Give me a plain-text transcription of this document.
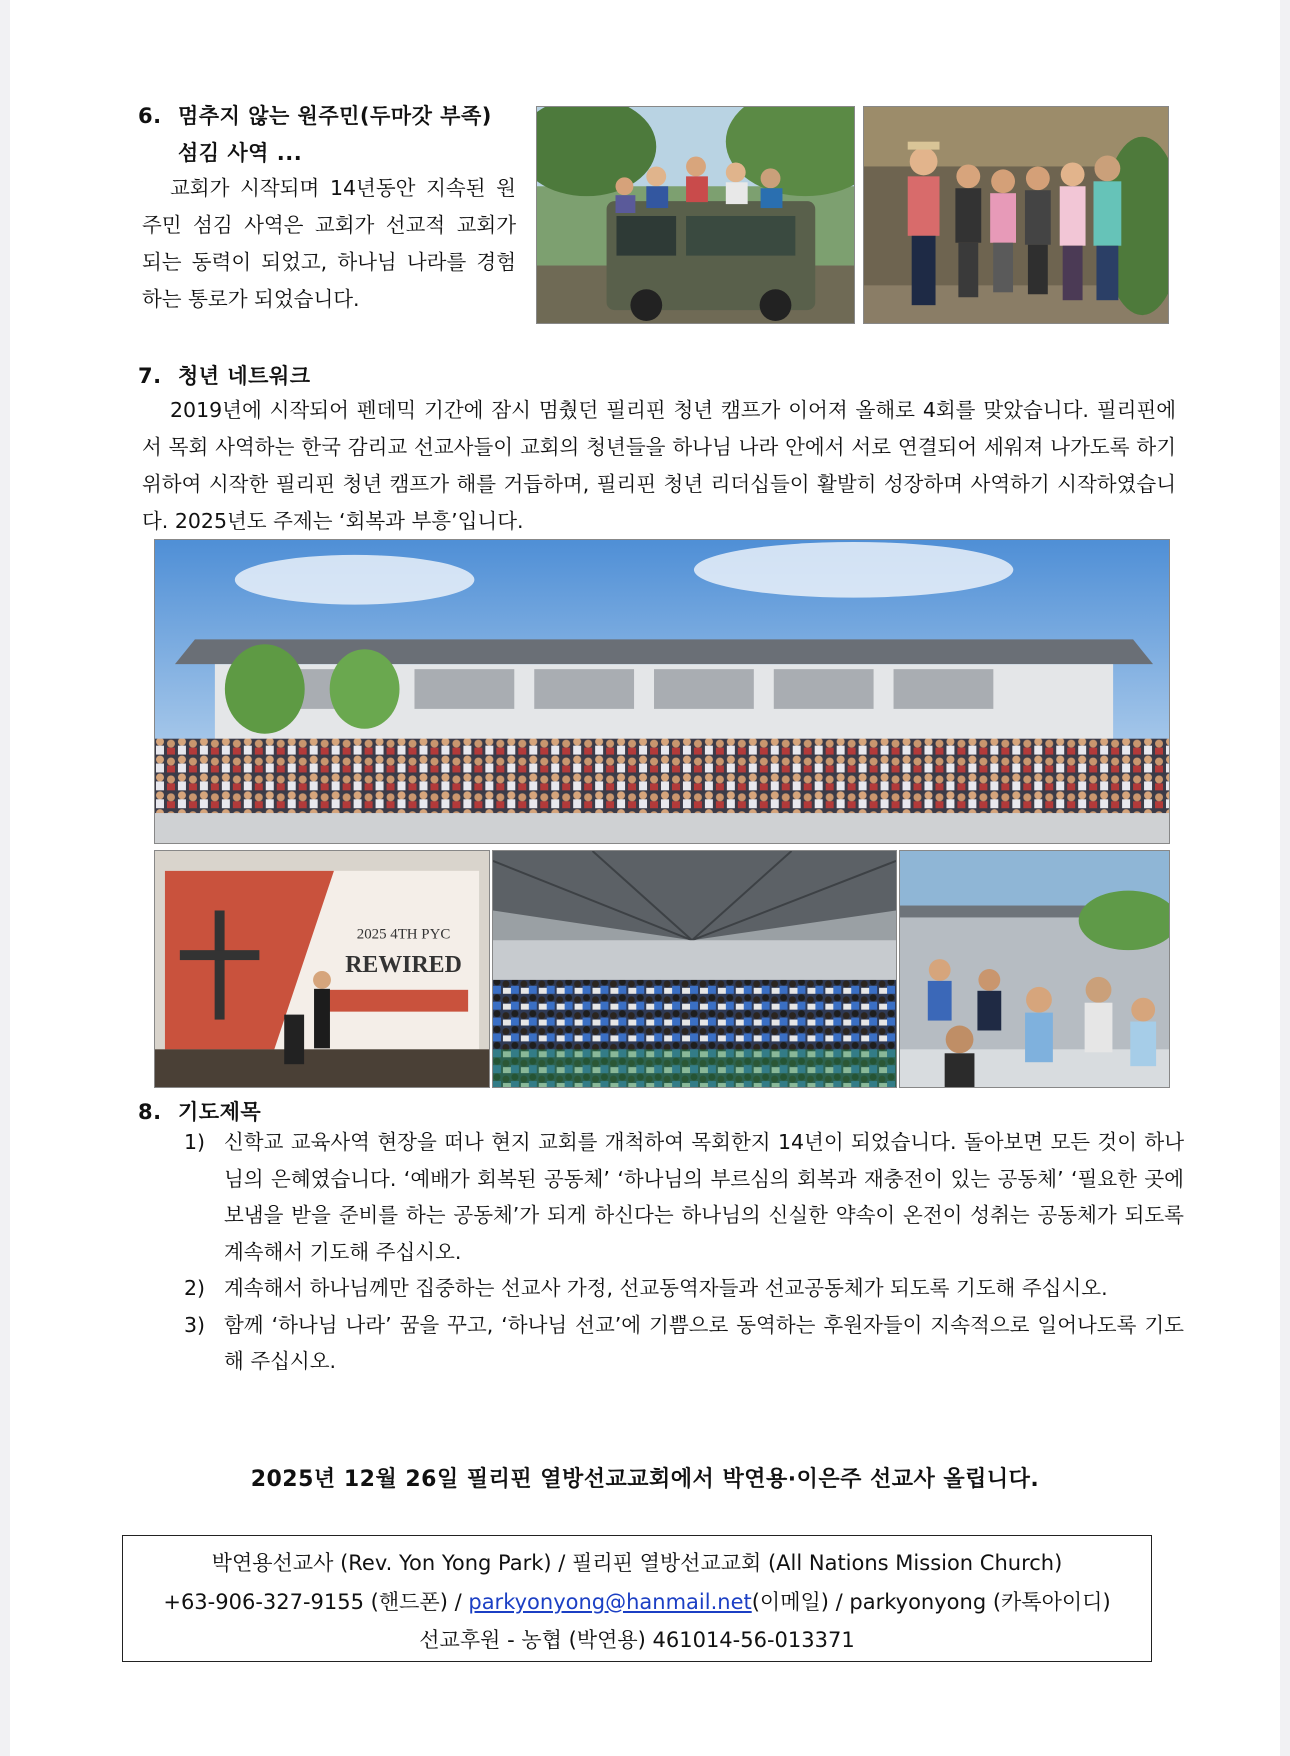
6. 멈추지 않는 원주민(두마갓 부족)
섬김 사역 ...
교회가 시작되며 14년동안 지속된 원주민 섬김 사역은 교회가 선교적 교회가 되는 동력이 되었고, 하나님 나라를 경험하는 통로가 되었습니다.
7. 청년 네트워크
2019년에 시작되어 펜데믹 기간에 잠시 멈췄던 필리핀 청년 캠프가 이어져 올해로 4회를 맞았습니다. 필리핀에서 목회 사역하는 한국 감리교 선교사들이 교회의 청년들을 하나님 나라 안에서 서로 연결되어 세워져 나가도록 하기 위하여 시작한 필리핀 청년 캠프가 해를 거듭하며, 필리핀 청년 리더십들이 활발히 성장하며 사역하기 시작하였습니다. 2025년도 주제는 ‘회복과 부흥’입니다.
2025 4TH PYC
REWIRED
8. 기도제목
1) 신학교 교육사역 현장을 떠나 현지 교회를 개척하여 목회한지 14년이 되었습니다. 돌아보면 모든 것이 하나님의 은혜였습니다. ‘예배가 회복된 공동체’ ‘하나님의 부르심의 회복과 재충전이 있는 공동체’ ‘필요한 곳에 보냄을 받을 준비를 하는 공동체’가 되게 하신다는 하나님의 신실한 약속이 온전이 성취는 공동체가 되도록 계속해서 기도해 주십시오.
2) 계속해서 하나님께만 집중하는 선교사 가정, 선교동역자들과 선교공동체가 되도록 기도해 주십시오.
3) 함께 ‘하나님 나라’ 꿈을 꾸고, ‘하나님 선교’에 기쁨으로 동역하는 후원자들이 지속적으로 일어나도록 기도해 주십시오.
2025년 12월 26일 필리핀 열방선교교회에서 박연용·이은주 선교사 올립니다.
박연용선교사 (Rev. Yon Yong Park) / 필리핀 열방선교교회 (All Nations Mission Church)
+63-906-327-9155 (핸드폰) / parkyonyong@hanmail.net(이메일) / parkyonyong (카톡아이디)
선교후원 - 농협 (박연용) 461014-56-013371
